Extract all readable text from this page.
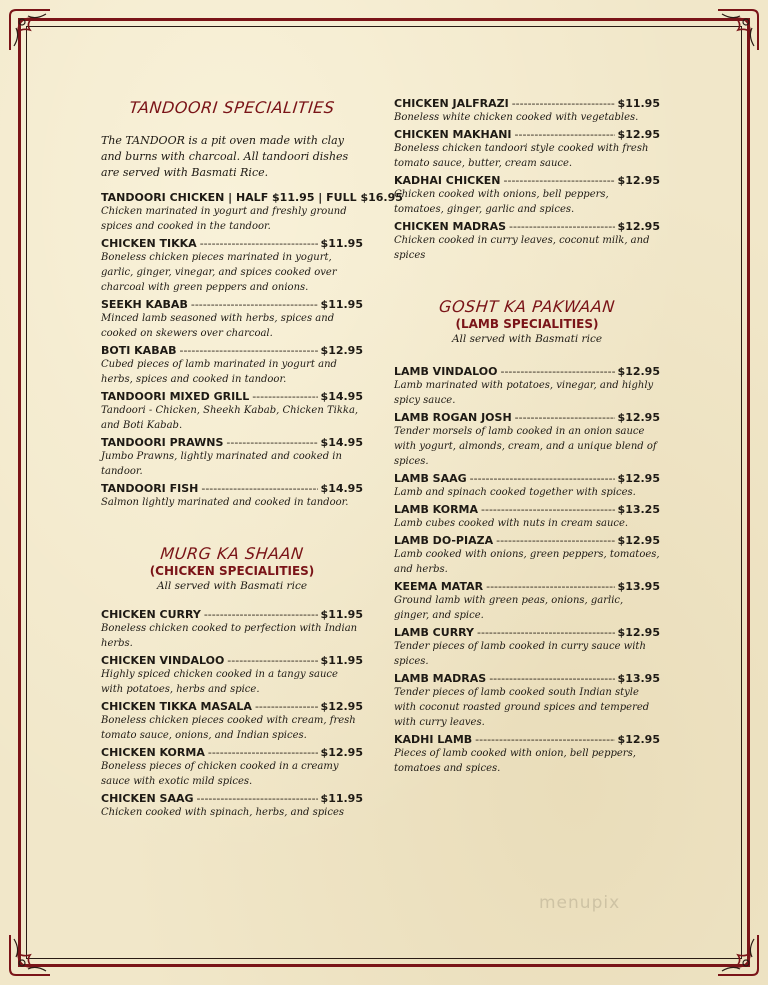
TANDOORI SPECIALITIES
The TANDOOR is a pit oven made with clay and burns with charcoal. All tandoori dishes are served with Basmati Rice.
TANDOORI CHICKEN | HALF $11.95 | FULL $16.95
Chicken marinated in yogurt and freshly ground spices and cooked in the tandoor.
CHICKEN TIKKA -----	$11.95
Boneless chicken pieces marinated in yogurt, garlic, ginger, vinegar, and spices cooked over charcoal with green peppers and onions.
SEEKH KABAB -----	$11.95
Minced lamb seasoned with herbs, spices and cooked on skewers over charcoal.
BOTI KABAB -----	$12.95
Cubed pieces of lamb marinated in yogurt and herbs, spices and cooked in tandoor.
TANDOORI MIXED GRILL -----	$14.95
Tandoori - Chicken, Sheekh Kabab, Chicken Tikka, and Boti Kabab.
TANDOORI PRAWNS -----	$14.95
Jumbo Prawns, lightly marinated and cooked in tandoor.
TANDOORI FISH -----	$14.95
Salmon lightly marinated and cooked in tandoor.
MURG KA SHAAN
(CHICKEN SPECIALITIES)
All served with Basmati rice
CHICKEN CURRY -----	$11.95
Boneless chicken cooked to perfection with Indian herbs.
CHICKEN VINDALOO -----	$11.95
Highly spiced chicken cooked in a tangy sauce with potatoes, herbs and spice.
CHICKEN TIKKA MASALA -----	$12.95
Boneless chicken pieces cooked with cream, fresh tomato sauce, onions, and Indian spices.
CHICKEN KORMA -----	$12.95
Boneless pieces of chicken cooked in a creamy sauce with exotic mild spices.
CHICKEN SAAG -----	$11.95
Chicken cooked with spinach, herbs, and spices
CHICKEN JALFRAZI -----	$11.95
Boneless white chicken cooked with vegetables.
CHICKEN MAKHANI -----	$12.95
Boneless chicken tandoori style cooked with fresh tomato sauce, butter, cream sauce.
KADHAI CHICKEN -----	$12.95
Chicken cooked with onions, bell peppers, tomatoes, ginger, garlic and spices.
CHICKEN MADRAS -----	$12.95
Chicken cooked in curry leaves, coconut milk, and spices
GOSHT KA PAKWAAN
(LAMB SPECIALITIES)
All served with Basmati rice
LAMB VINDALOO -----	$12.95
Lamb marinated with potatoes, vinegar, and highly spicy sauce.
LAMB ROGAN JOSH -----	$12.95
Tender morsels of lamb cooked in an onion sauce with yogurt, almonds, cream, and a unique blend of spices.
LAMB SAAG -----	$12.95
Lamb and spinach cooked together with spices.
LAMB KORMA -----	$13.25
Lamb cubes cooked with nuts in cream sauce.
LAMB DO-PIAZA -----	$12.95
Lamb cooked with onions, green peppers, tomatoes, and herbs.
KEEMA MATAR -----	$13.95
Ground lamb with green peas, onions, garlic, ginger, and spice.
LAMB CURRY -----	$12.95
Tender pieces of lamb cooked in curry sauce with spices.
LAMB MADRAS -----	$13.95
Tender pieces of lamb cooked south Indian style with coconut roasted ground spices and tempered with curry leaves.
KADHI LAMB -----	$12.95
Pieces of lamb cooked with onion, bell peppers, tomatoes and spices.
menupix
